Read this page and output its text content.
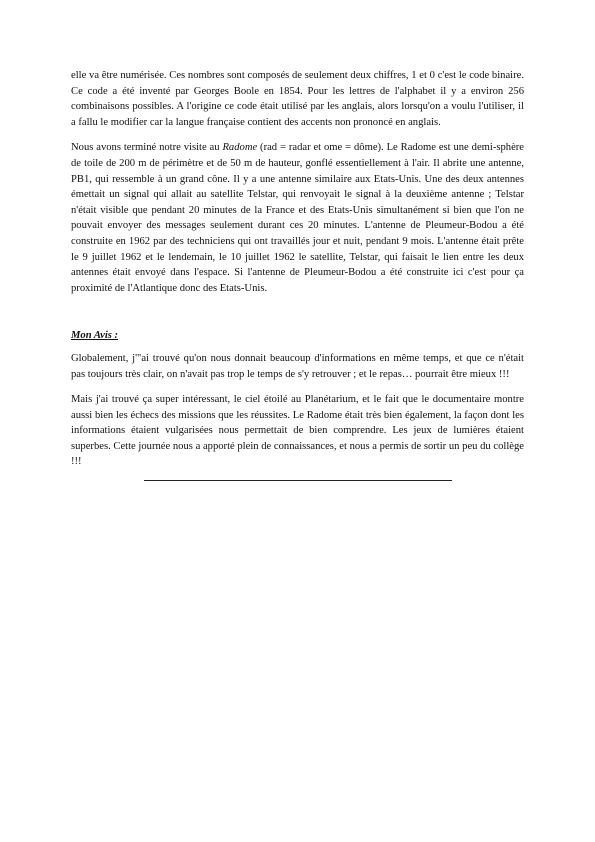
elle va être numérisée. Ces nombres sont composés de seulement deux chiffres, 1 et 0 c'est le code binaire. Ce code a été inventé par Georges Boole en 1854. Pour les lettres de l'alphabet il y a environ 256 combinaisons possibles. A l'origine ce code était utilisé par les anglais, alors lorsqu'on a voulu l'utiliser, il a fallu le modifier car la langue française contient des accents non prononcé en anglais.

Nous avons terminé notre visite au Radome (rad = radar et ome = dôme). Le Radome est une demi-sphère de toile de 200 m de périmètre et de 50 m de hauteur, gonflé essentiellement à l'air. Il abrite une antenne, PB1, qui ressemble à un grand cône. Il y a une antenne similaire aux Etats-Unis. Une des deux antennes émettait un signal qui allait au satellite Telstar, qui renvoyait le signal à la deuxième antenne ; Telstar n'était visible que pendant 20 minutes de la France et des Etats-Unis simultanément si bien que l'on ne pouvait envoyer des messages seulement durant ces 20 minutes. L'antenne de Pleumeur-Bodou a été construite en 1962 par des techniciens qui ont travaillés jour et nuit, pendant 9 mois. L'antenne était prête le 9 juillet 1962 et le lendemain, le 10 juillet 1962 le satellite, Telstar, qui faisait le lien entre les deux antennes était envoyé dans l'espace. Si l'antenne de Pleumeur-Bodou a été construite ici c'est pour ça proximité de l'Atlantique donc des Etats-Unis.

Mon Avis :

Globalement, j'"ai trouvé qu'on nous donnait beaucoup d'informations en même temps, et que ce n'était pas toujours très clair, on n'avait pas trop le temps de s'y retrouver ; et le repas… pourrait être mieux !!!

Mais j'ai trouvé ça super intéressant, le ciel étoilé au Planétarium, et le fait que le documentaire montre aussi bien les échecs des missions que les réussites. Le Radome était très bien également, la façon dont les informations étaient vulgarisées nous permettait de bien comprendre. Les jeux de lumières étaient superbes. Cette journée nous a apporté plein de connaissances, et nous a permis de sortir un peu du collège !!!
